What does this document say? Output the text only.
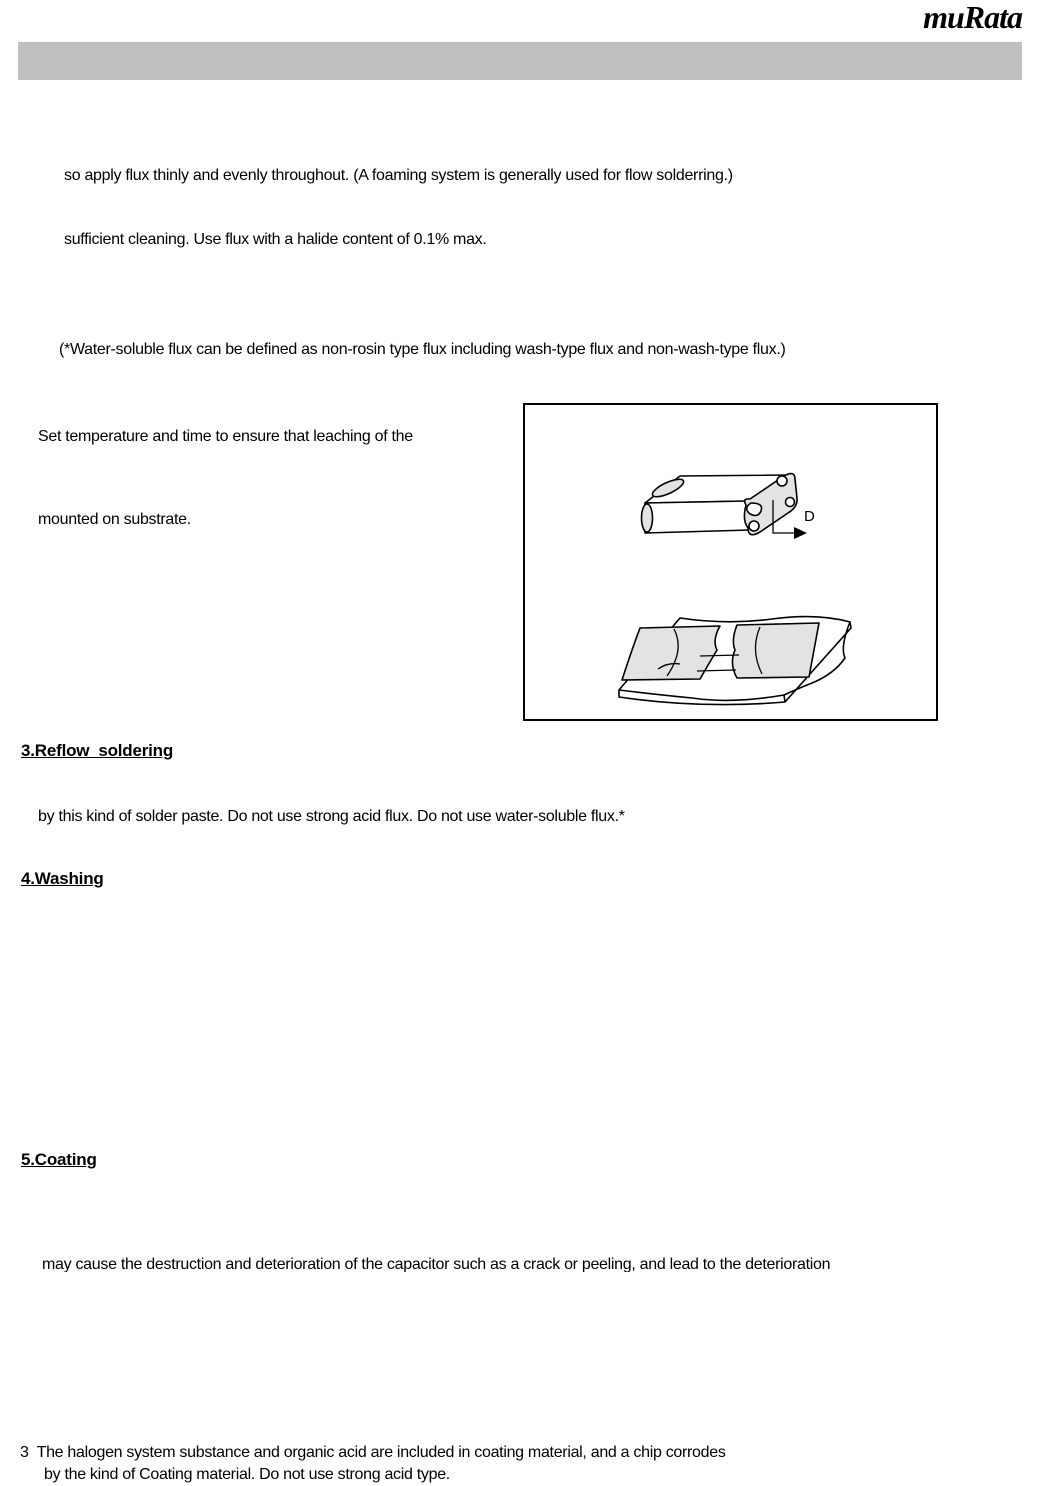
muRata
so apply flux thinly and evenly throughout. (A foaming system is generally used for flow solderring.)
sufficient cleaning. Use flux with a halide content of 0.1% max.
(*Water-soluble flux can be defined as non-rosin type flux including wash-type flux and non-wash-type flux.)
Set temperature and time to ensure that leaching of the
mounted on substrate.	D
3.Reflow  soldering
by this kind of solder paste. Do not use strong acid flux. Do not use water-soluble flux.*
4.Washing
5.Coating
may cause the destruction and deterioration of the capacitor such as a crack or peeling, and lead to the deterioration
3  The halogen system substance and organic acid are included in coating material, and a chip corrodes
by the kind of Coating material. Do not use strong acid type.
